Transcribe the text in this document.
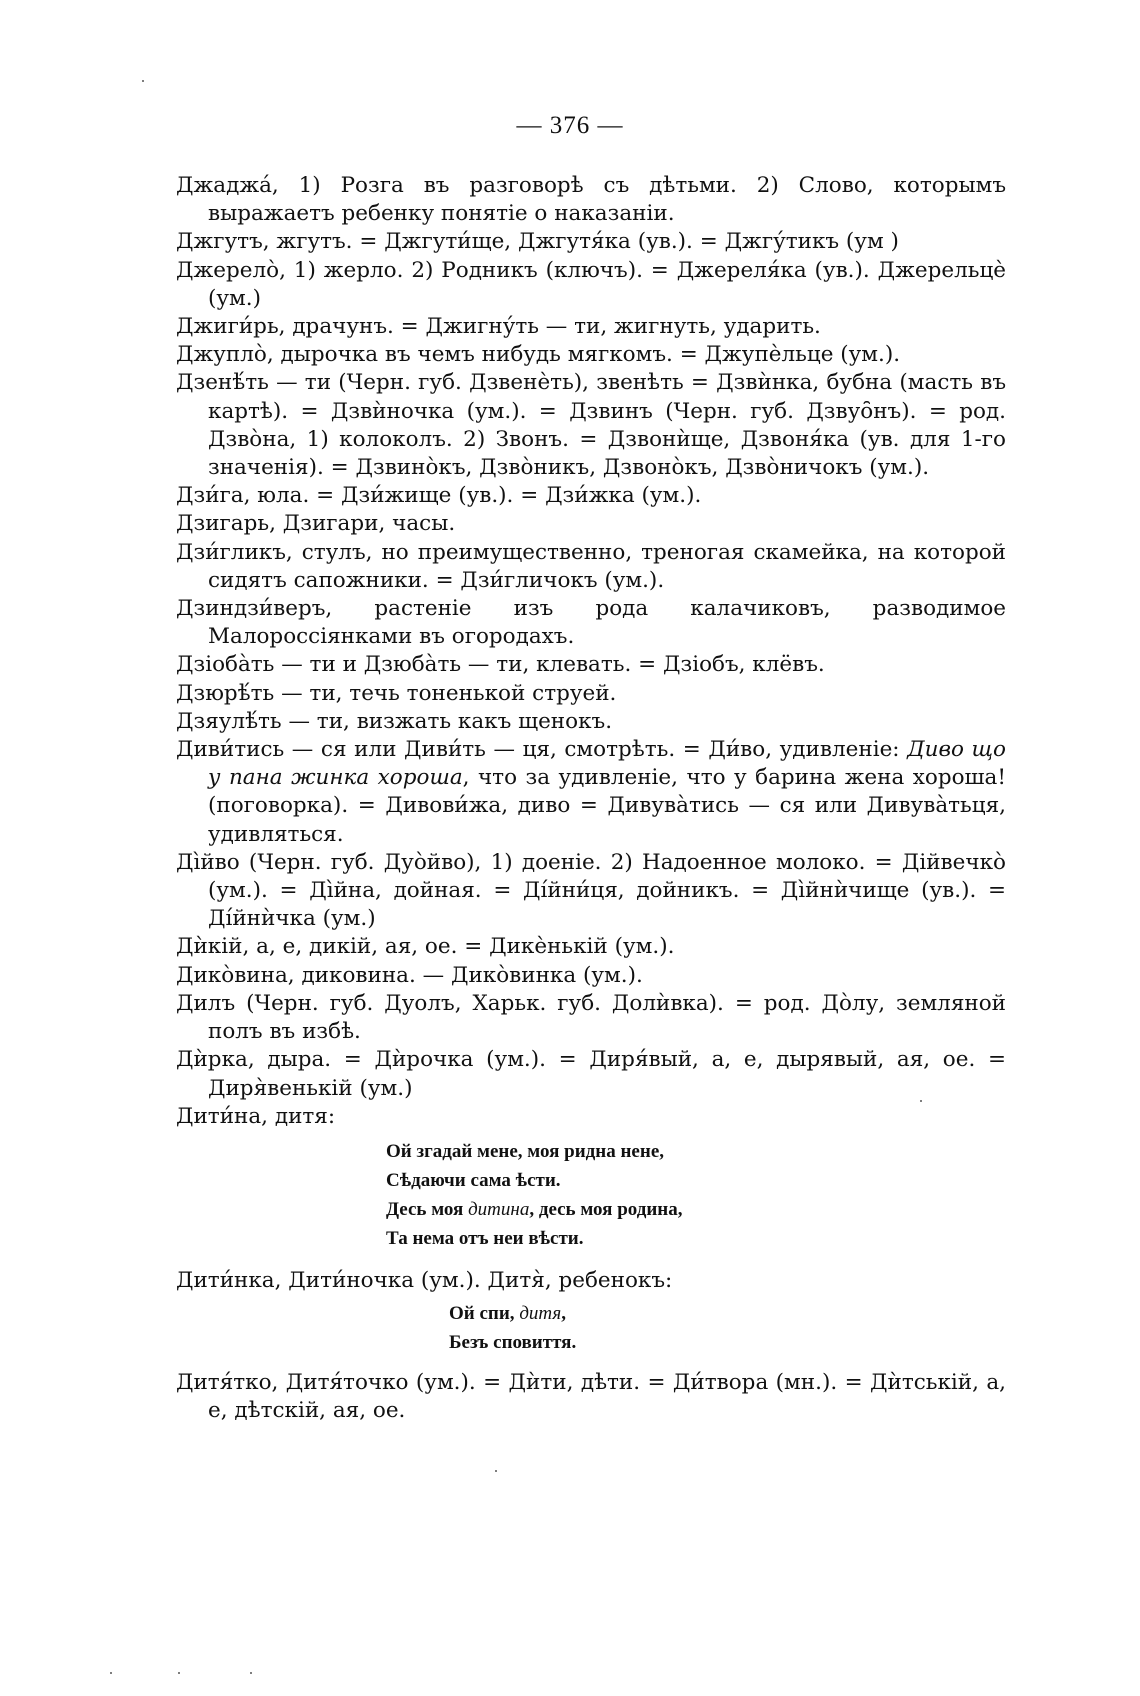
— 376 —

Джаджа́, 1) Розга въ разговорѣ съ дѣтьми. 2) Слово, которымъ выражаетъ ребенку понятіе о наказаніи.

Джгутъ, жгутъ. = Джгути́ще, Джгутя́ка (ув.). = Джгу́тикъ (ум )

Джерело̀, 1) жерло. 2) Родникъ (ключъ). = Джереля́ка (ув.). Джерельцѐ (ум.)

Джиги́рь, драчунъ. = Джигну́ть — ти, жигнуть, ударить.

Джупло̀, дырочка въ чемъ нибудь мягкомъ. = Джупѐльце (ум.).

Дзенѣ́ть — ти (Черн. губ. Дзвенѐть), звенѣть = Дзвѝнка, бубна (масть въ картѣ). = Дзвѝночка (ум.). = Дзвинъ (Черн. губ. Дзвуо̑нъ). = род. Дзво̀на, 1) колоколъ. 2) Звонъ. = Дзвонѝще, Дзвоня́ка (ув. для 1-го значенія). = Дзвино̀къ, Дзво̀никъ, Дзвоно̀къ, Дзво̀ничокъ (ум.).

Дзи́га, юла. = Дзи́жище (ув.). = Дзи́жка (ум.).

Дзигарь, Дзигари, часы.

Дзи́гликъ, стулъ, но преимущественно, треногая скамейка, на которой сидятъ сапожники. = Дзи́гличокъ (ум.).

Дзиндзи́веръ, растеніе изъ рода калачиковъ, разводимое Малороссіянками въ огородахъ.

Дзіоба̀ть — ти и Дзюба̀ть — ти, клевать. = Дзіобъ, клёвъ.

Дзюрѣ́ть — ти, течь тоненькой струей.

Дзяулѣ́ть — ти, визжать какъ щенокъ.

Диви́тись — ся или Диви́ть — ця, смотрѣть. = Ди́во, удивленіе: Диво що у пана жинка хороша, что за удивленіе, что у барина жена хороша! (поговорка). = Дивови́жа, диво = Дивува̀тись — ся или Дивува̀тьця, удивляться.

Ді̀йво (Черн. губ. Дуо̀йво), 1) доеніе. 2) Надоенное молоко. = Дійвечко̀ (ум.). = Ді̀йна, дойная. = Ді́йни́ця, дойникъ. = Ді̀йнѝчище (ув.). = Ді́йнѝчка (ум.)

Дѝкій, а, е, дикій, ая, ое. = Дикѐнькій (ум.).

Дико̀вина, диковина. — Дико̀винка (ум.).

Дилъ (Черн. губ. Дуолъ, Харьк. губ. Долѝвка). = род. До̀лу, земляной полъ въ избѣ.

Дѝрка, дыра. = Дѝрочка (ум.). = Диря́вый, а, е, дырявый, ая, ое. = Диря̀венькій (ум.)

Дити́на, дитя:

Ой згадай мене, моя ридна нене,
Сѣдаючи сама ѣсти.
Десь моя дитина, десь моя родина,
Та нема отъ неи вѣсти.

Дити́нка, Дити́ночка (ум.). Дитя̀, ребенокъ:

Ой спи, дитя,
Безъ сповиття.

Дитя́тко, Дитя́точко (ум.). = Дѝти, дѣти. = Ди́твора (мн.). = Дѝтській, а, е, дѣтскій, ая, ое.
